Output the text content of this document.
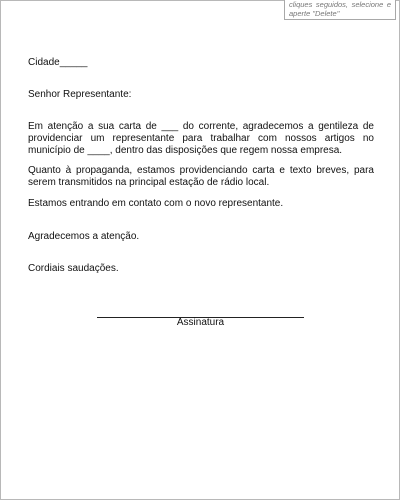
cliques seguidos, selecione e aperte "Delete"
Cidade_____
Senhor Representante:
Em atenção a sua carta de ___ do corrente, agradecemos a gentileza de providenciar um representante para trabalhar com nossos artigos no município de ____, dentro das disposições que regem nossa empresa.
Quanto à propaganda, estamos providenciando carta e texto breves, para serem transmitidos na principal estação de rádio local.
Estamos entrando em contato com o novo representante.
Agradecemos a atenção.
Cordiais saudações.
Assinatura
